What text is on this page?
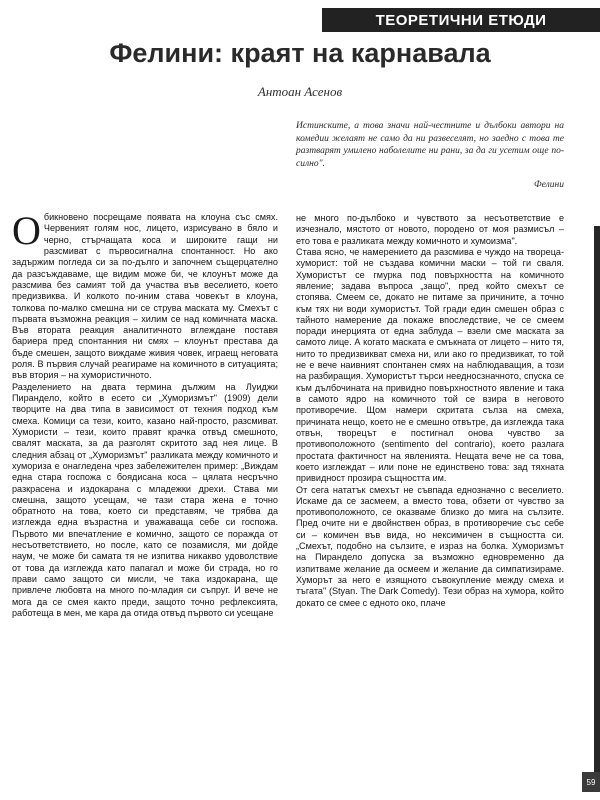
ТЕОРЕТИЧНИ ЕТЮДИ
Фелини: краят на карнавала
Антоан Асенов
Истинските, а това значи най-честните и дълбоки автори на комедии желаят не само да ни развеселят, но заедно с това те разтварят умилено наболелите ни рани, за да ги усетим още по-силно".
Фелини

Обикновено посрещаме появата на клоуна със смях. Червеният голям нос, лицето, изрисувано в бяло и черно, стърчащата коса и широките гащи ни разсмиват с първосигнална спонтанност. Но ако задържим погледа си за по-дълго и започнем същерцателно да разсъждаваме, ще видим може би, че клоунът може да разсмива без самият той да участва във веселието, което предизвиква. И колкото по-иним става човекът в клоуна, толкова по-малко смешна ни се струва маската му. Смехът с първата възможна реакция – хилим се над комичната маска. Във втората реакция аналитичното вглеждане поставя бариера пред спонтанния ни смях – клоунът престава да бъде смешен, защото виждаме живия човек, играещ неговата роля. В първия случай реагираме на комичното в ситуацията; във втория – на хумористичното.

Разделението на двата термина дължим на Луиджи Пирандело, който в есето си „Хуморизмът" (1909) дели творците на два типа в зависимост от техния подход към смеха. Комици са тези, които, казано най-просто, разсмиват. Хумористи – тези, които правят крачка отвъд смешното, свалят маската, за да разголят скритото зад нея лице. В следния абзац от „Хуморизмът" разликата между комичното и хумориза е онагледена чрез забележителен пример: „Виждам една стара госпожа с боядисана коса – цялата несръчно разкрасена и издокарана с младежки дрехи. Става ми смешна, защото усещам, че тази стара жена е точно обратното на това, което си представям, че трябва да изглежда една възрастна и уважаваща себе си госпожа. Първото ми впечатление е комично, защото се поражда от несъответствието, но после, като се позамисля, ми дойде наум, че може би самата тя не изпитва никакво удоволствие от това да изглежда като папагал и може би страда, но го прави само защото си мисли, че така издокарана, ще привлече любовта на много по-младия си съпруг. И вече не мога да се смея както преди, защото точно рефлексията, работеща в мен, ме кара да отида отвъд първото си усещане

не много по-дълбоко и чувството за несъответствие е изчезнало, мястото от новото, породено от моя размисъл – ето това е разликата между комичното и хумоизма".

Става ясно, че намерението да разсмива е чуждо на твореца-хуморист: той не създава комични маски – той ги сваля. Хумористът се гмурка под повърхността на комичното явление; задава въпроса „защо", пред който смехът се стопява. Смеем се, докато не питаме за причините, а точно към тях ни води хумористът. Той гради един смешен образ с тайното намерение да покаже впоследствие, че се смеем поради инерцията от една заблуда – взели сме маската за самото лице. А когато маската е смъкната от лицето – нито тя, нито то предизвикват смеха ни, или ако го предизвикат, то той не е вече наивният спонтанен смях на наблюдаващия, а този на разбиращия. Хумористът търси неедносзначното, спуска се към дълбочината на привидно повърхностното явление и така в самото ядро на комичното той се взира в неговото противоречие. Щом намери скритата сълза на смеха, причината нещо, което не е смешно отвътре, да изглежда така отвън, творецът е постигнал онова чувство за противоположното (sentimento del contrario), което разлага простата фактичност на явленията. Нещата вече не са това, което изглеждат – или поне не единствено това: зад тяхната привидност прозира същността им.

От сега нататък смехът не съвпада еднозначно с веселието. Искаме да се засмеем, а вместо това, обзети от чувство за противоположното, се оказваме близко до мига на сълзите. Пред очите ни е двойнствен образ, в противоречие със себе си – комичен във вида, но нексимичен в същността си. „Смехът, подобно на сълзите, е израз на болка. Хуморизмът на Пирандело допуска за възможно едновременно да изпитваме желание да осмеем и желание да симпатизираме. Хуморът за него е изящното съвокупление между смеха и тъгата" (Styan. The Dark Comedy). Тези образ на хумора, който докато се смее с едното око, плаче

59
